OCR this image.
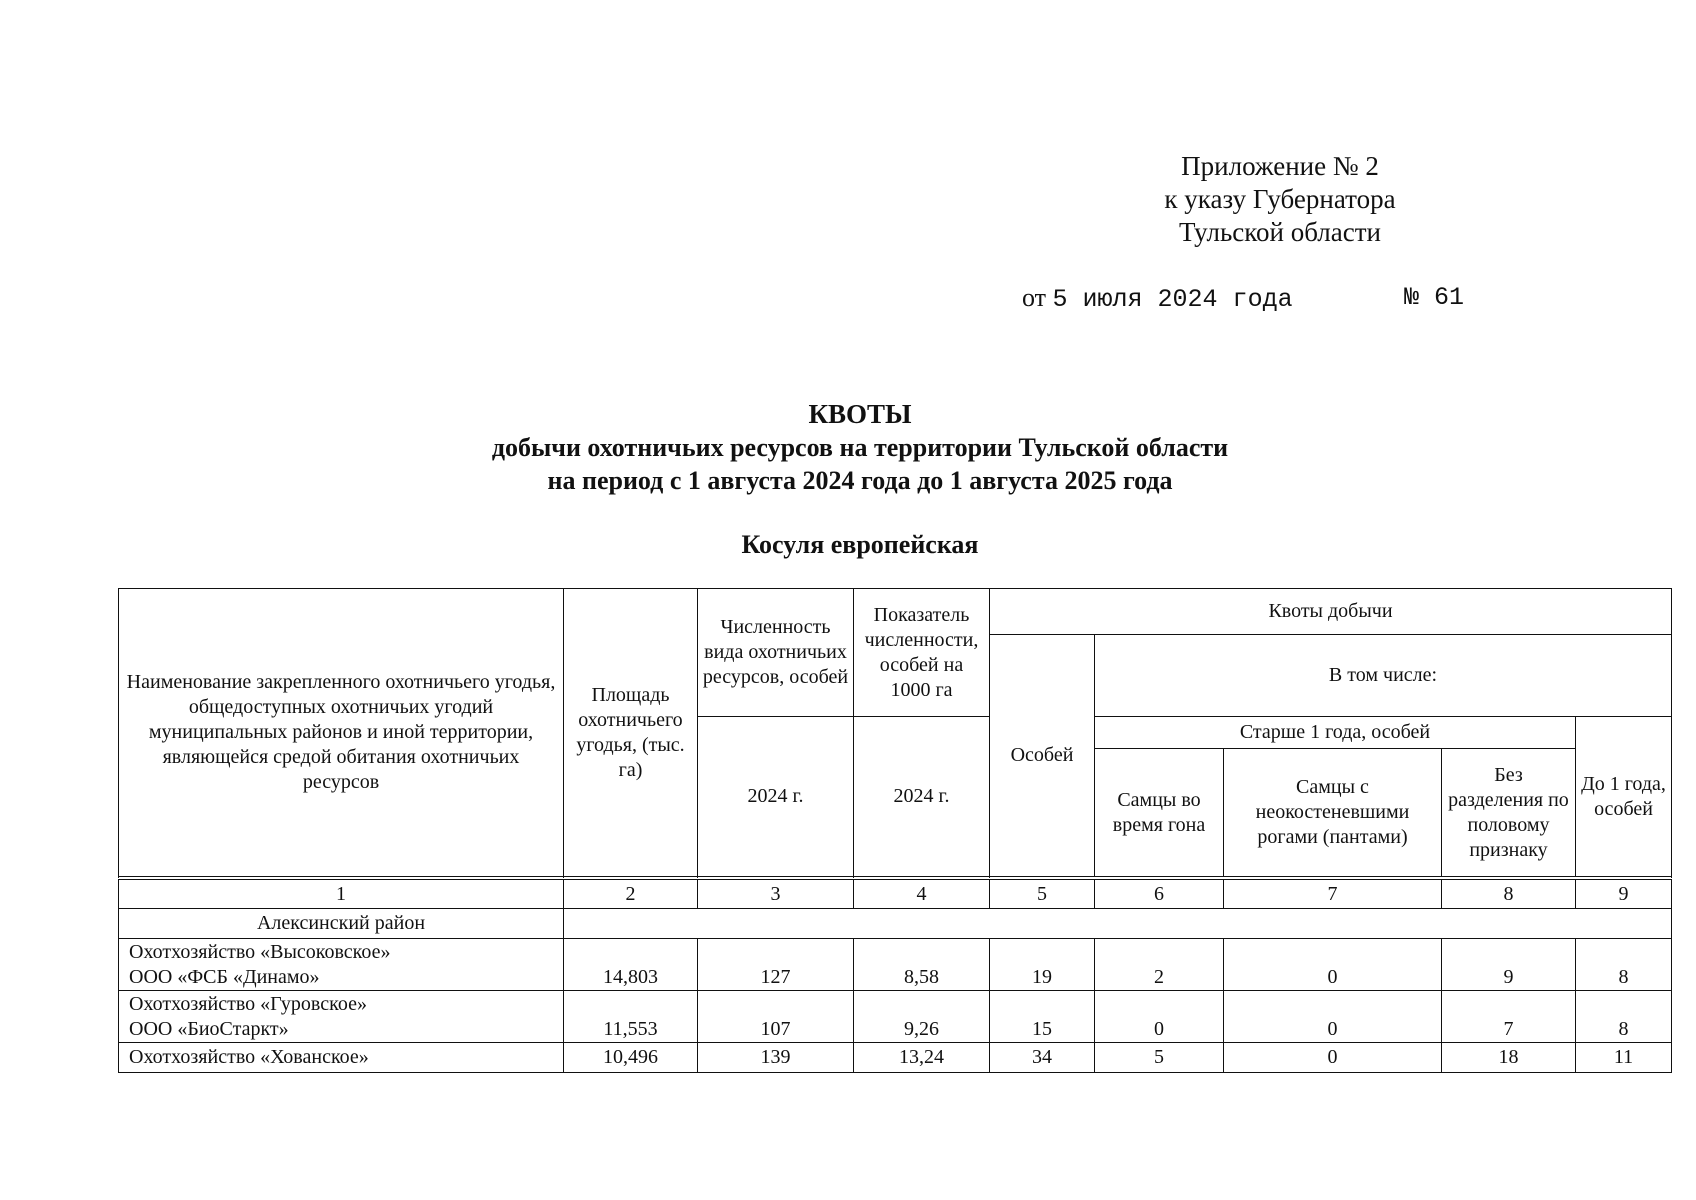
Приложение № 2
к указу Губернатора
Тульской области
от 5 июля 2024 года	№ 61
КВОТЫ
добычи охотничьих ресурсов на территории Тульской области
на период с 1 августа 2024 года до 1 августа 2025 года
Косуля европейская
Наименование закрепленного охотничьего угодья, общедоступных охотничьих угодий муниципальных районов и иной территории, являющейся средой обитания охотничьих ресурсов	Площадь охотничьего угодья, (тыс. га)	Численность вида охотничьих ресурсов, особей	Показатель численности, особей на 1000 га	Квоты добычи				
				Особей	В том числе:			
		2024 г.	2024 г.		Старше 1 года, особей			До 1 года, особей
					Самцы во время гона	Самцы с неокостеневшими рогами (пантами)	Без разделения по половому признаку	

1	2	3	4	5	6	7	8	9
Алексинский район								

Охотхозяйство «Высоковское»
ООО «ФСБ «Динамо»	14,803	127	8,58	19	2	0	9	8

Охотхозяйство «Гуровское»
ООО «БиоСтаркт»	11,553	107	9,26	15	0	0	7	8
Охотхозяйство «Хованское»	10,496	139	13,24	34	5	0	18	11
